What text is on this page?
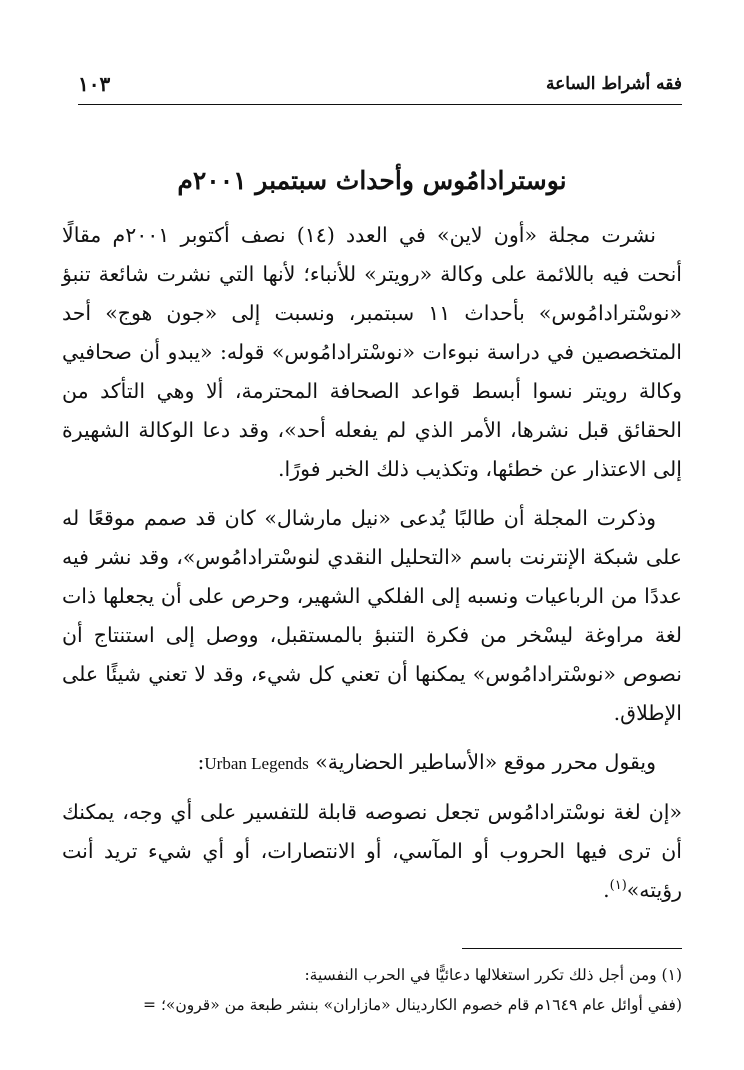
فقه أشراط الساعة
١٠٣
نوسترادامُوس وأحداث سبتمبر ٢٠٠١م

نشرت مجلة «أون لاين» في العدد (١٤) نصف أكتوبر ٢٠٠١م مقالًا أنحت فيه باللائمة على وكالة «رويتر» للأنباء؛ لأنها التي نشرت شائعة تنبؤ «نوسْترادامُوس» بأحداث ١١ سبتمبر، ونسبت إلى «جون هوج» أحد المتخصصين في دراسة نبوءات «نوسْترادامُوس» قوله: «يبدو أن صحافيي وكالة رويتر نسوا أبسط قواعد الصحافة المحترمة، ألا وهي التأكد من الحقائق قبل نشرها، الأمر الذي لم يفعله أحد»، وقد دعا الوكالة الشهيرة إلى الاعتذار عن خطئها، وتكذيب ذلك الخبر فورًا.

وذكرت المجلة أن طالبًا يُدعى «نيل مارشال» كان قد صمم موقعًا له على شبكة الإنترنت باسم «التحليل النقدي لنوسْترادامُوس»، وقد نشر فيه عددًا من الرباعيات ونسبه إلى الفلكي الشهير، وحرص على أن يجعلها ذات لغة مراوغة ليسْخر من فكرة التنبؤ بالمستقبل، ووصل إلى استنتاج أن نصوص «نوسْترادامُوس» يمكنها أن تعني كل شيء، وقد لا تعني شيئًا على الإطلاق.

ويقول محرر موقع «الأساطير الحضارية» Urban Legends:

«إن لغة نوسْترادامُوس تجعل نصوصه قابلة للتفسير على أي وجه، يمكنك أن ترى فيها الحروب أو المآسي، أو الانتصارات، أو أي شيء تريد أنت رؤيته»$^{(١)}$.

(١) ومن أجل ذلك تكرر استغلالها دعائيًّا في الحرب النفسية:

(ففي أوائل عام ١٦٤٩م قام خصوم الكاردينال «مازاران» بنشر طبعة من «قرون»؛ =
